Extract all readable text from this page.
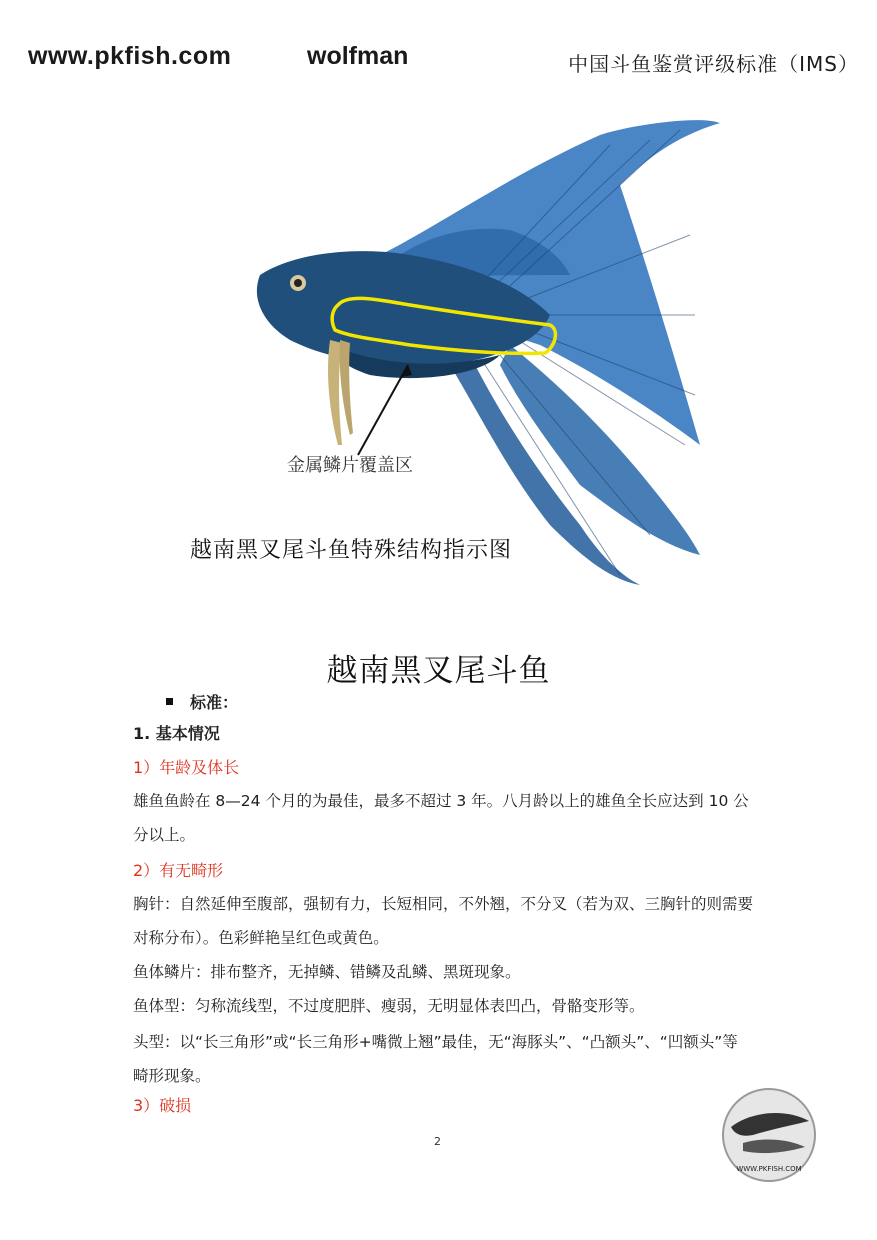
www.pkfish.com	wolfman	中国斗鱼鉴赏评级标准（IMS）
金属鳞片覆盖区
越南黑叉尾斗鱼特殊结构指示图
越南黑叉尾斗鱼
标准：
1. 基本情况
1）年龄及体长
雄鱼鱼龄在 8—24 个月的为最佳，最多不超过 3 年。八月龄以上的雄鱼全长应达到 10 公分以上。
2）有无畸形
胸针：自然延伸至腹部，强韧有力，长短相同，不外翘，不分叉（若为双、三胸针的则需要对称分布）。色彩鲜艳呈红色或黄色。
鱼体鳞片：排布整齐，无掉鳞、错鳞及乱鳞、黑斑现象。
鱼体型：匀称流线型，不过度肥胖、瘦弱，无明显体表凹凸，骨骼变形等。
头型：以“长三角形”或“长三角形+嘴微上翘”最佳，无“海豚头”、“凸额头”、“凹额头”等畸形现象。
3）破损
2
WWW.PKFISH.COM
